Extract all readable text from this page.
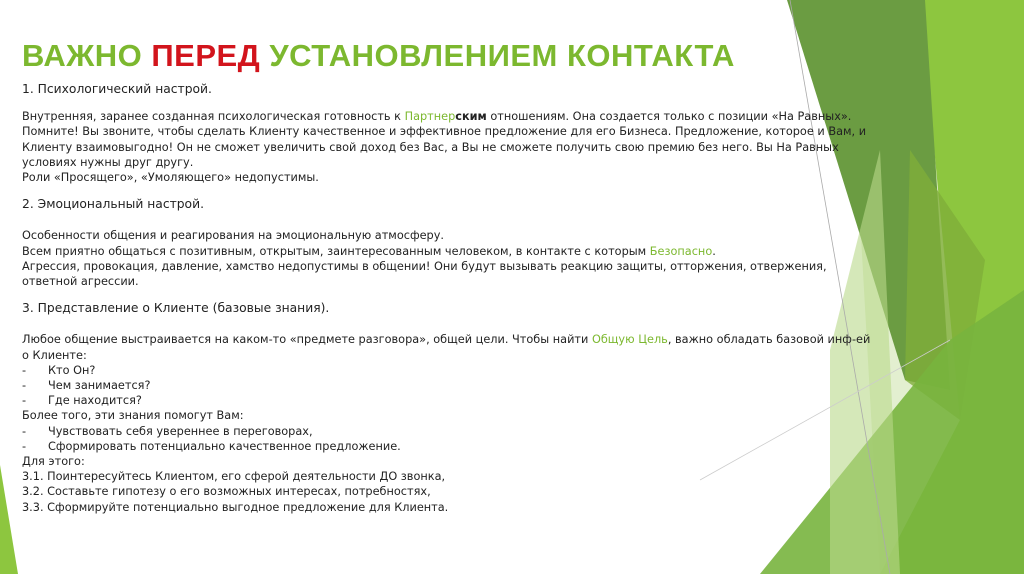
ВАЖНО ПЕРЕД УСТАНОВЛЕНИЕМ КОНТАКТА

1. Психологический настрой.

Внутренняя, заранее созданная психологическая готовность к Партнерским отношениям. Она создается только с позиции «На Равных».

Помните! Вы звоните, чтобы сделать Клиенту качественное и эффективное предложение для его Бизнеса. Предложение, которое и Вам, и

Клиенту взаимовыгодно! Он не сможет увеличить свой доход без Вас, а Вы не сможете получить свою премию без него. Вы На Равных

условиях нужны друг другу.

Роли «Просящего», «Умоляющего» недопустимы.

2. Эмоциональный настрой.

Особенности общения и реагирования на эмоциональную атмосферу.

Всем приятно общаться с позитивным, открытым, заинтересованным человеком, в контакте с которым Безопасно.

Агрессия, провокация, давление, хамство недопустимы в общении! Они будут вызывать реакцию защиты, отторжения, отвержения,

ответной агрессии.

3. Представление о Клиенте (базовые знания).

Любое общение выстраивается на каком-то «предмете разговора», общей цели. Чтобы найти Общую Цель, важно обладать базовой инф-ей

о Клиенте:

-	Кто Он?
-	Чем занимается?
-	Где находится?

Более того, эти знания помогут Вам:

-	Чувствовать себя увереннее в переговорах,
-	Сформировать потенциально качественное предложение.

Для этого:

3.1. Поинтересуйтесь Клиентом, его сферой деятельности ДО звонка,

3.2. Составьте гипотезу о его возможных интересах, потребностях,

3.3. Сформируйте потенциально выгодное предложение для Клиента.
